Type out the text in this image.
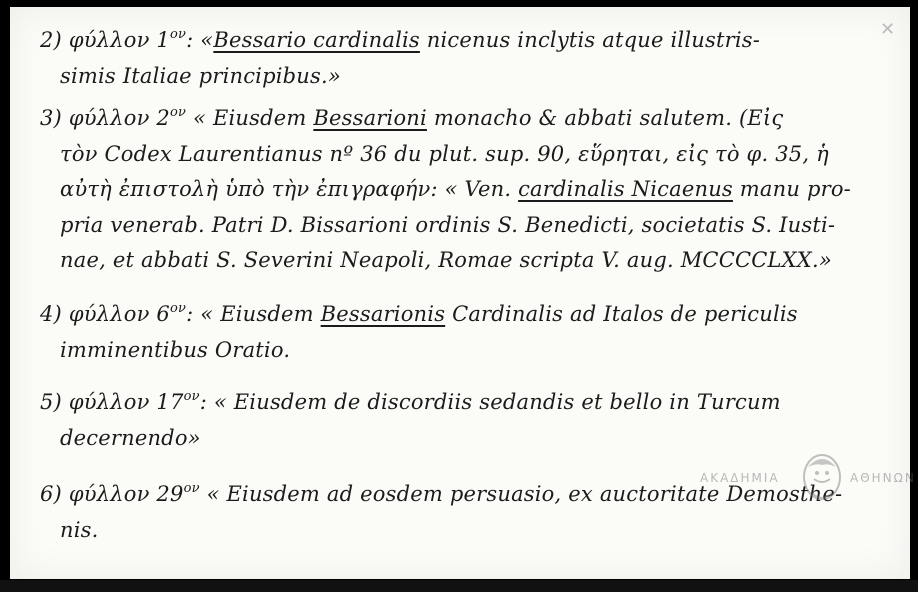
✕
2) φύλλον $1^{o\nu}$: «Bessario cardinalis nicenus inclytis atque illustris-
simis Italiae principibus.»
3) φύλλον $2^{o\nu}$ « Eiusdem Bessarioni monacho & abbati salutem. (Εἰς
τὸν Codex Laurentianus nº 36 du plut. sup. 90, εὕρηται, εἰς τὸ φ. 35, ἡ
αὐτὴ ἐπιστολὴ ὑπὸ τὴν ἐπιγραφήν: « Ven. cardinalis Nicaenus manu pro-
pria venerab. Patri D. Bissarioni ordinis S. Benedicti, societatis S. Iusti-
nae, et abbati S. Severini Neapoli, Romae scripta V. aug. MCCCCLXX.»
4) φύλλον $6^{o\nu}$: « Eiusdem Bessarionis Cardinalis ad Italos de periculis
imminentibus Oratio.
5) φύλλον $17^{o\nu}$: « Eiusdem de discordiis sedandis et bello in Turcum
decernendo»
6) φύλλον $29^{o\nu}$ « Eiusdem ad eosdem persuasio, ex auctoritate Demosthe-
nis.
ΑΚΑΔΗΜΙΑ	ΑΘΗΝΩΝ
